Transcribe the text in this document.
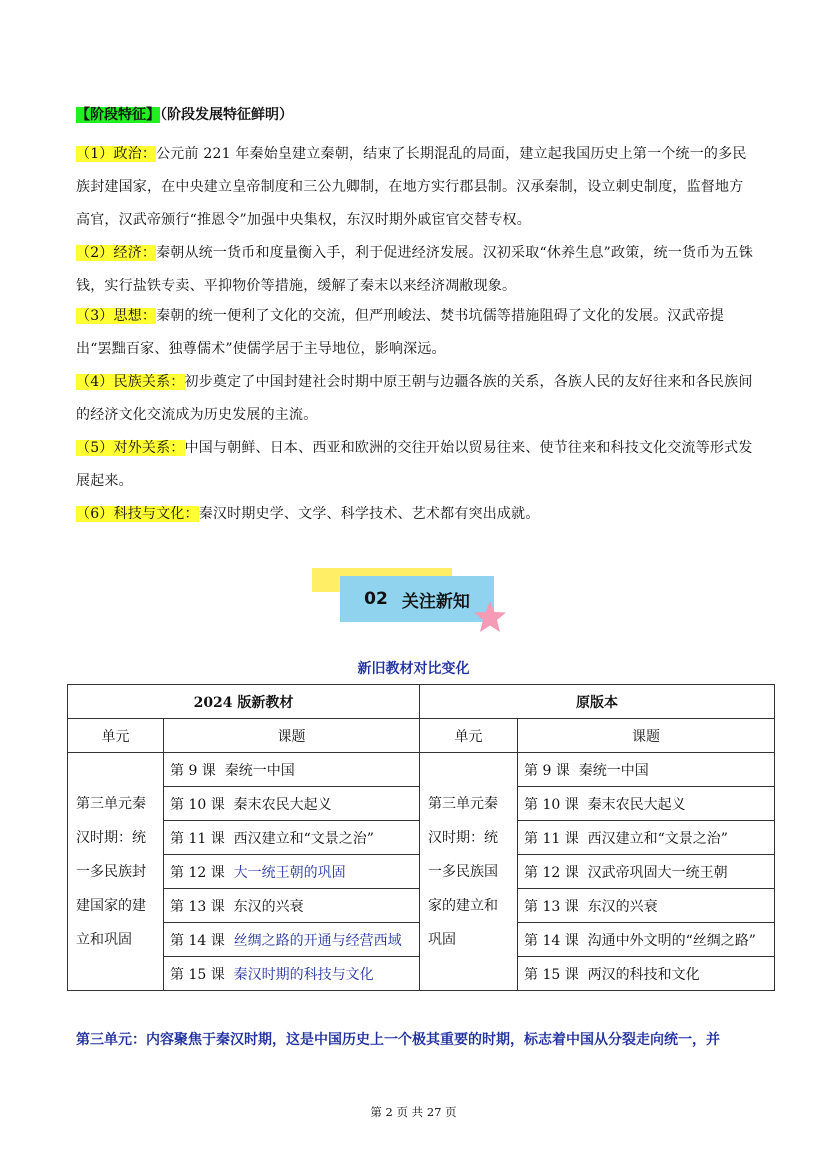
【阶段特征】（阶段发展特征鲜明）
（1）政治：公元前 221 年秦始皇建立秦朝，结束了长期混乱的局面，建立起我国历史上第一个统一的多民族封建国家，在中央建立皇帝制度和三公九卿制，在地方实行郡县制。汉承秦制，设立刺史制度，监督地方高官，汉武帝颁行“推恩令”加强中央集权，东汉时期外戚宦官交替专权。
（2）经济：秦朝从统一货币和度量衡入手，利于促进经济发展。汉初采取“休养生息”政策，统一货币为五铢钱，实行盐铁专卖、平抑物价等措施，缓解了秦末以来经济凋敝现象。
（3）思想：秦朝的统一便利了文化的交流，但严刑峻法、焚书坑儒等措施阻碍了文化的发展。汉武帝提出“罢黜百家、独尊儒术”使儒学居于主导地位，影响深远。
（4）民族关系：初步奠定了中国封建社会时期中原王朝与边疆各族的关系，各族人民的友好往来和各民族间的经济文化交流成为历史发展的主流。
（5）对外关系：中国与朝鲜、日本、西亚和欧洲的交往开始以贸易往来、使节往来和科技文化交流等形式发展起来。
（6）科技与文化：秦汉时期史学、文学、科学技术、艺术都有突出成就。
02 关注新知
新旧教材对比变化
2024 版新教材		原版本	
单元	课题	单元	课题
第三单元秦汉时期：统一多民族封建国家的建立和巩固	第 9 课 秦统一中国	第三单元秦汉时期：统一多民族国家的建立和巩固	第 9 课 秦统一中国
	第 10 课 秦末农民大起义		第 10 课 秦末农民大起义
	第 11 课 西汉建立和“文景之治”		第 11 课 西汉建立和“文景之治”
	第 12 课 大一统王朝的巩固		第 12 课 汉武帝巩固大一统王朝
	第 13 课 东汉的兴衰		第 13 课 东汉的兴衰
	第 14 课 丝绸之路的开通与经营西域		第 14 课 沟通中外文明的“丝绸之路”
	第 15 课 秦汉时期的科技与文化		第 15 课 两汉的科技和文化
第三单元：内容聚焦于秦汉时期，这是中国历史上一个极其重要的时期，标志着中国从分裂走向统一，并
第 2 页 共 27 页
